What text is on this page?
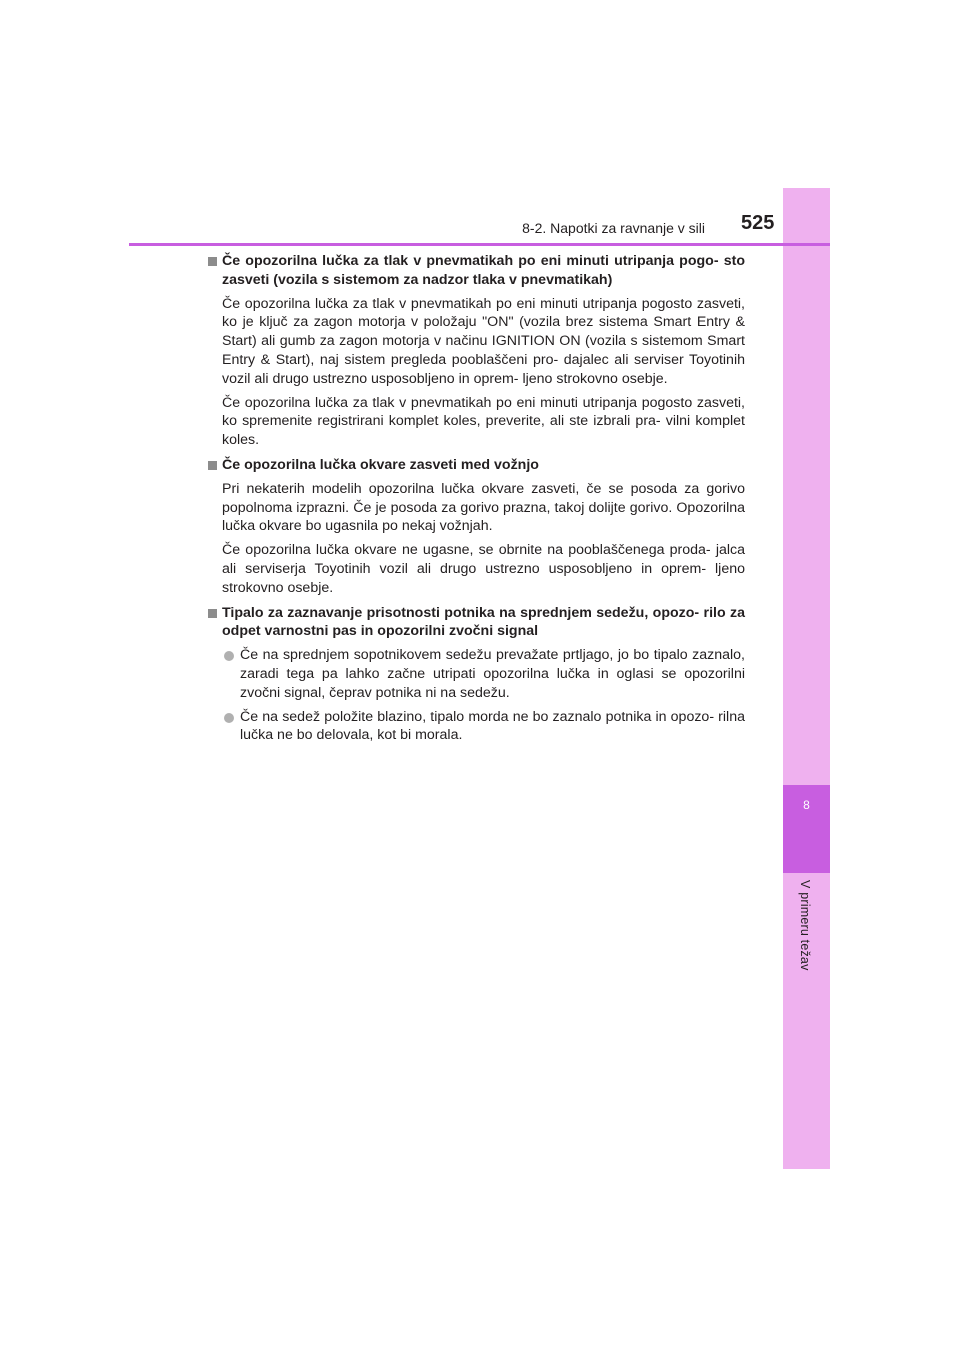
8
V primeru težav
8-2. Napotki za ravnanje v sili 525
Če opozorilna lučka za tlak v pnevmatikah po eni minuti utripanja pogo- sto zasveti (vozila s sistemom za nadzor tlaka v pnevmatikah)
Če opozorilna lučka za tlak v pnevmatikah po eni minuti utripanja pogosto zasveti, ko je ključ za zagon motorja v položaju "ON" (vozila brez sistema Smart Entry & Start) ali gumb za zagon motorja v načinu IGNITION ON (vozila s sistemom Smart Entry & Start), naj sistem pregleda pooblaščeni pro- dajalec ali serviser Toyotinih vozil ali drugo ustrezno usposobljeno in oprem- ljeno strokovno osebje.
Če opozorilna lučka za tlak v pnevmatikah po eni minuti utripanja pogosto zasveti, ko spremenite registrirani komplet koles, preverite, ali ste izbrali pra- vilni komplet koles.
Če opozorilna lučka okvare zasveti med vožnjo
Pri nekaterih modelih opozorilna lučka okvare zasveti, če se posoda za gorivo popolnoma izprazni. Če je posoda za gorivo prazna, takoj dolijte gorivo. Opozorilna lučka okvare bo ugasnila po nekaj vožnjah.
Če opozorilna lučka okvare ne ugasne, se obrnite na pooblaščenega proda- jalca ali serviserja Toyotinih vozil ali drugo ustrezno usposobljeno in oprem- ljeno strokovno osebje.
Tipalo za zaznavanje prisotnosti potnika na sprednjem sedežu, opozo- rilo za odpet varnostni pas in opozorilni zvočni signal
Če na sprednjem sopotnikovem sedežu prevažate prtljago, jo bo tipalo zaznalo, zaradi tega pa lahko začne utripati opozorilna lučka in oglasi se opozorilni zvočni signal, čeprav potnika ni na sedežu.
Če na sedež položite blazino, tipalo morda ne bo zaznalo potnika in opozo- rilna lučka ne bo delovala, kot bi morala.
